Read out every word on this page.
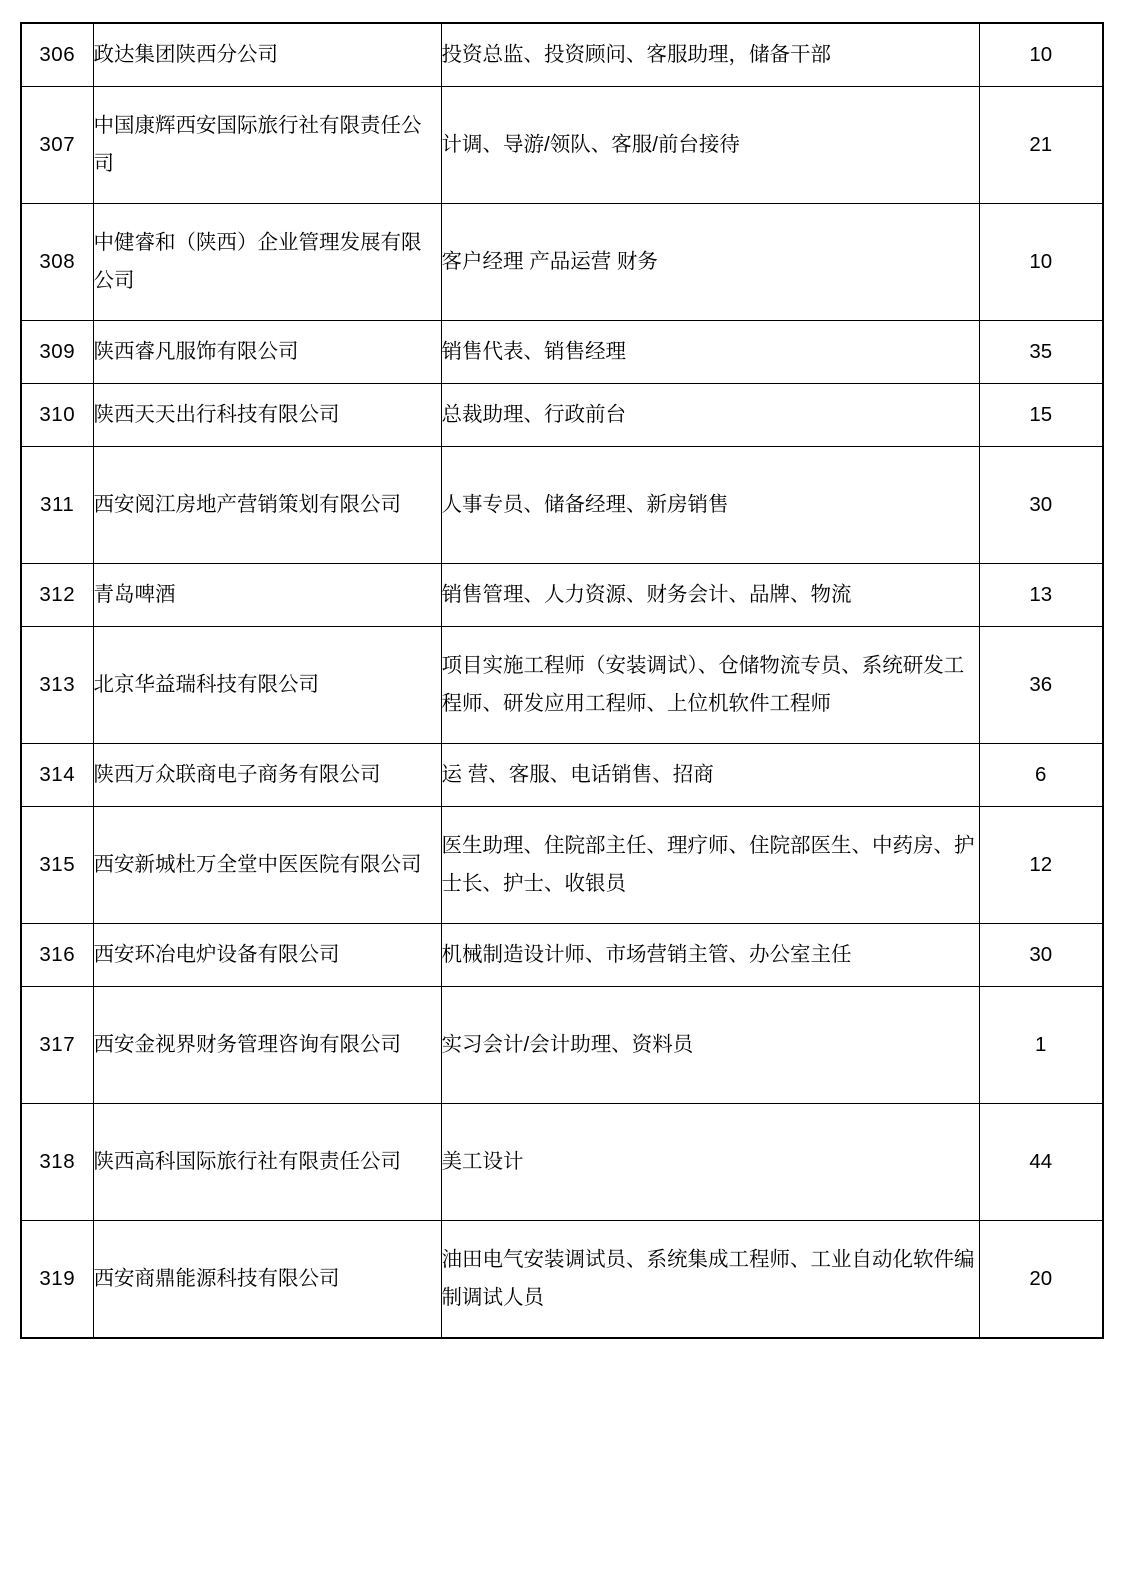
306	政达集团陕西分公司	投资总监、投资顾问、客服助理，储备干部	10
307	中国康辉西安国际旅行社有限责任公司	计调、导游/领队、客服/前台接待	21
308	中健睿和（陕西）企业管理发展有限公司	客户经理 产品运营 财务	10
309	陕西睿凡服饰有限公司	销售代表、销售经理	35
310	陕西天天出行科技有限公司	总裁助理、行政前台	15
311	西安阅江房地产营销策划有限公司	人事专员、储备经理、新房销售	30
312	青岛啤酒	销售管理、人力资源、财务会计、品牌、物流	13
313	北京华益瑞科技有限公司	项目实施工程师（安装调试）、仓储物流专员、系统研发工程师、研发应用工程师、上位机软件工程师	36
314	陕西万众联商电子商务有限公司	运 营、客服、电话销售、招商	6
315	西安新城杜万全堂中医医院有限公司	医生助理、住院部主任、理疗师、住院部医生、中药房、护士长、护士、收银员	12
316	西安环冶电炉设备有限公司	机械制造设计师、市场营销主管、办公室主任	30
317	西安金视界财务管理咨询有限公司	实习会计/会计助理、资料员	1
318	陕西高科国际旅行社有限责任公司	美工设计	44
319	西安商鼎能源科技有限公司	油田电气安装调试员、系统集成工程师、工业自动化软件编制调试人员	20
